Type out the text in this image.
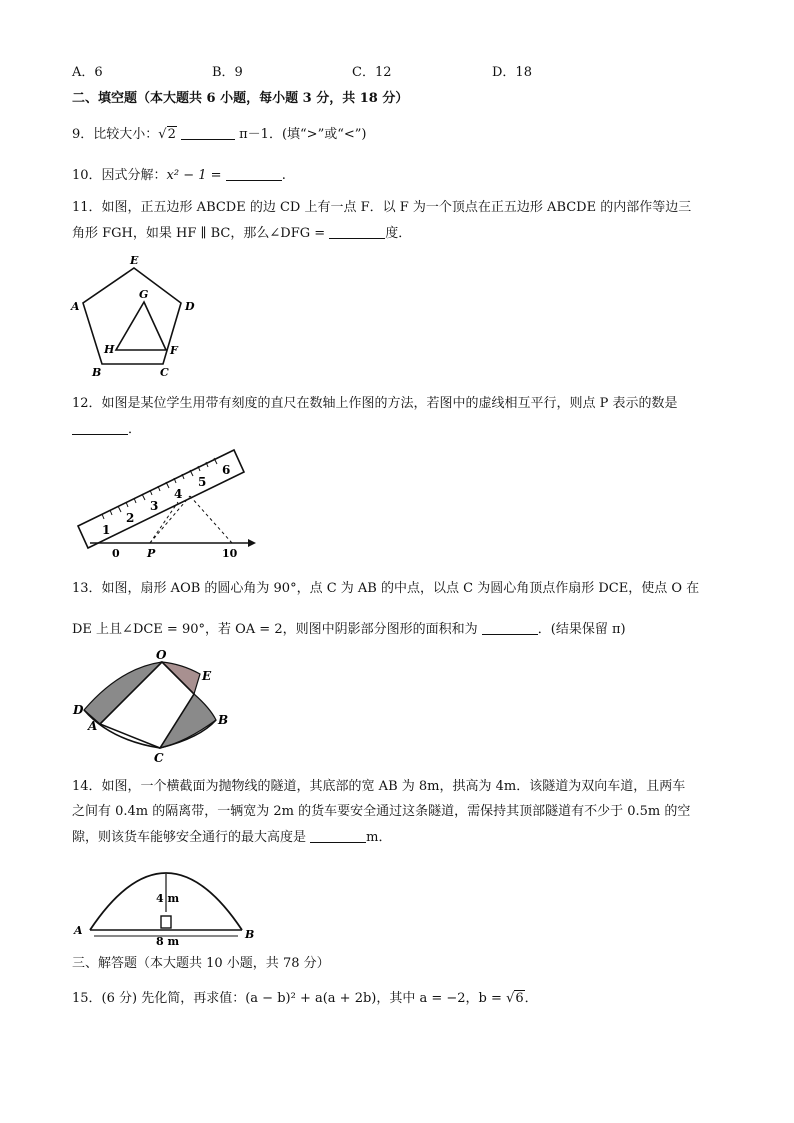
A．6	B．9	C．12	D．18
二、填空题（本大题共 6 小题，每小题 3 分，共 18 分）
9．比较大小：√2	π－1．(填“>”或“<”)
10．因式分解：x² − 1 =	.
11．如图，正五边形 ABCDE 的边 CD 上有一点 F．以 F 为一个顶点在正五边形 ABCDE 的内部作等边三
角形 FGH，如果 HF ∥ BC，那么∠DFG =	度．
E
A	D
G
H	F
B	C
12．如图是某位学生用带有刻度的直尺在数轴上作图的方法，若图中的虚线相互平行，则点 P 表示的数是
．
1
2
3
4
5
6
0 P	10
13．如图，扇形 AOB 的圆心角为 90°，点 C 为 AB 的中点，以点 C 为圆心角顶点作扇形 DCE，使点 O 在
DE 上且∠DCE = 90°，若 OA = 2，则图中阴影部分图形的面积和为	．(结果保留 π)
O
E
D
A	B
C
14．如图，一个横截面为抛物线的隧道，其底部的宽 AB 为 8m，拱高为 4m．该隧道为双向车道，且两车
之间有 0.4m 的隔离带，一辆宽为 2m 的货车要安全通过这条隧道，需保持其顶部隧道有不少于 0.5m 的空
隙，则该货车能够安全通行的最大高度是	m．
4 m
A	B
8 m
三、解答题（本大题共 10 小题，共 78 分）
15．(6 分) 先化简，再求值：(a − b)² + a(a + 2b)，其中 a = −2，b = √6．
